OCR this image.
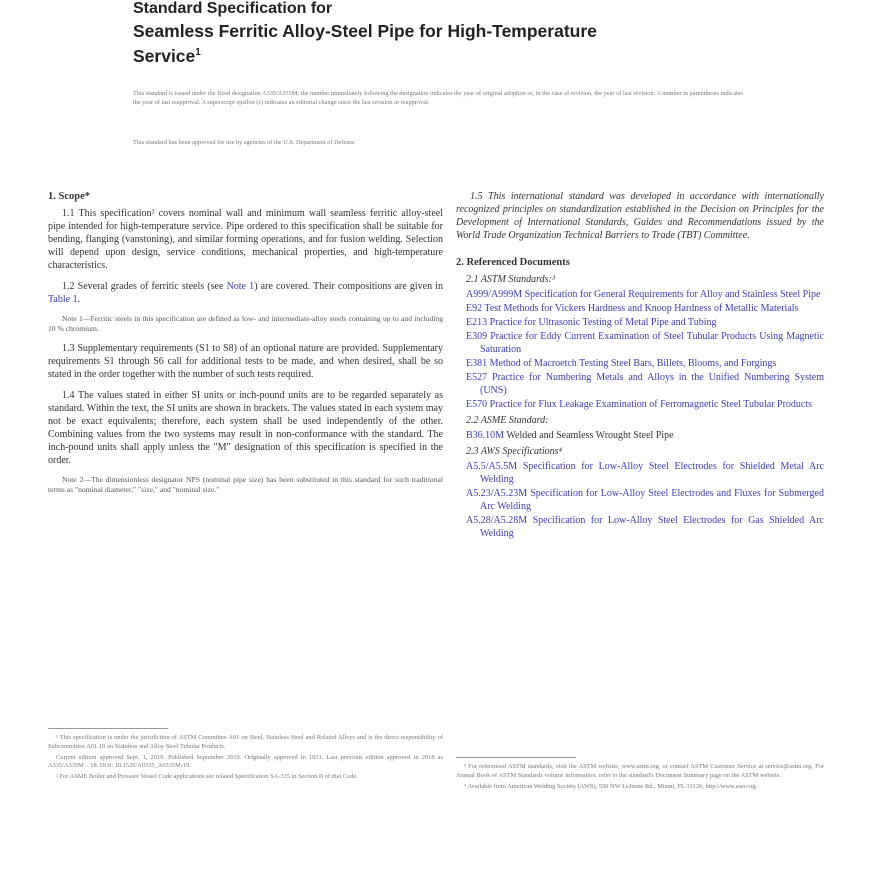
Standard Specification for

Seamless Ferritic Alloy-Steel Pipe for High-Temperature
Service$^1$

This standard is issued under the fixed designation A335/A335M; the number immediately following the designation indicates the year of original adoption or, in the case of revision, the year of last revision. A number in parentheses indicates the year of last reapproval. A superscript epsilon (ε) indicates an editorial change since the last revision or reapproval.
This standard has been approved for use by agencies of the U.S. Department of Defense.

1. Scope*

1.1 This specification² covers nominal wall and minimum wall seamless ferritic alloy-steel pipe intended for high-temperature service. Pipe ordered to this specification shall be suitable for bending, flanging (vanstoning), and similar forming operations, and for fusion welding. Selection will depend upon design, service conditions, mechanical properties, and high-temperature characteristics.

1.2 Several grades of ferritic steels (see Note 1) are covered. Their compositions are given in Table 1.

Note 1—Ferritic steels in this specification are defined as low- and intermediate-alloy steels containing up to and including 10 % chromium.

1.3 Supplementary requirements (S1 to S8) of an optional nature are provided. Supplementary requirements S1 through S6 call for additional tests to be made, and when desired, shall be so stated in the order together with the number of such tests required.

1.4 The values stated in either SI units or inch-pound units are to be regarded separately as standard. Within the text, the SI units are shown in brackets. The values stated in each system may not be exact equivalents; therefore, each system shall be used independently of the other. Combining values from the two systems may result in non-conformance with the standard. The inch-pound units shall apply unless the "M" designation of this specification is specified in the order.

Note 2—The dimensionless designator NPS (nominal pipe size) has been substituted in this standard for such traditional terms as "nominal diameter," "size," and "nominal size."

1.5 This international standard was developed in accordance with internationally recognized principles on standardization established in the Decision on Principles for the Development of International Standards, Guides and Recommendations issued by the World Trade Organization Technical Barriers to Trade (TBT) Committee.

2. Referenced Documents

2.1 ASTM Standards:³

A999/A999M Specification for General Requirements for Alloy and Stainless Steel Pipe

E92 Test Methods for Vickers Hardness and Knoop Hardness of Metallic Materials

E213 Practice for Ultrasonic Testing of Metal Pipe and Tubing

E309 Practice for Eddy Current Examination of Steel Tubular Products Using Magnetic Saturation

E381 Method of Macroetch Testing Steel Bars, Billets, Blooms, and Forgings

E527 Practice for Numbering Metals and Alloys in the Unified Numbering System (UNS)

E570 Practice for Flux Leakage Examination of Ferromagnetic Steel Tubular Products

2.2 ASME Standard:

B36.10M Welded and Seamless Wrought Steel Pipe

2.3 AWS Specifications⁴

A5.5/A5.5M Specification for Low-Alloy Steel Electrodes for Shielded Metal Arc Welding

A5.23/A5.23M Specification for Low-Alloy Steel Electrodes and Fluxes for Submerged Arc Welding

A5.28/A5.28M Specification for Low-Alloy Steel Electrodes for Gas Shielded Arc Welding

¹ This specification is under the jurisdiction of ASTM Committee A01 on Steel, Stainless Steel and Related Alloys and is the direct responsibility of Subcommittee A01.10 on Stainless and Alloy Steel Tubular Products.

Current edition approved Sept. 1, 2019. Published September 2019. Originally approved in 1951. Last previous edition approved in 2018 as A335/A335M – 18. DOI: 10.1520/A0335_A0335M-19.

² For ASME Boiler and Pressure Vessel Code applications see related Specification SA-335 in Section II of that Code.

³ For referenced ASTM standards, visit the ASTM website, www.astm.org, or contact ASTM Customer Service at service@astm.org. For Annual Book of ASTM Standards volume information, refer to the standard's Document Summary page on the ASTM website.

⁴ Available from American Welding Society (AWS), 550 NW LeJeune Rd., Miami, FL 33126, http://www.aws.org.
